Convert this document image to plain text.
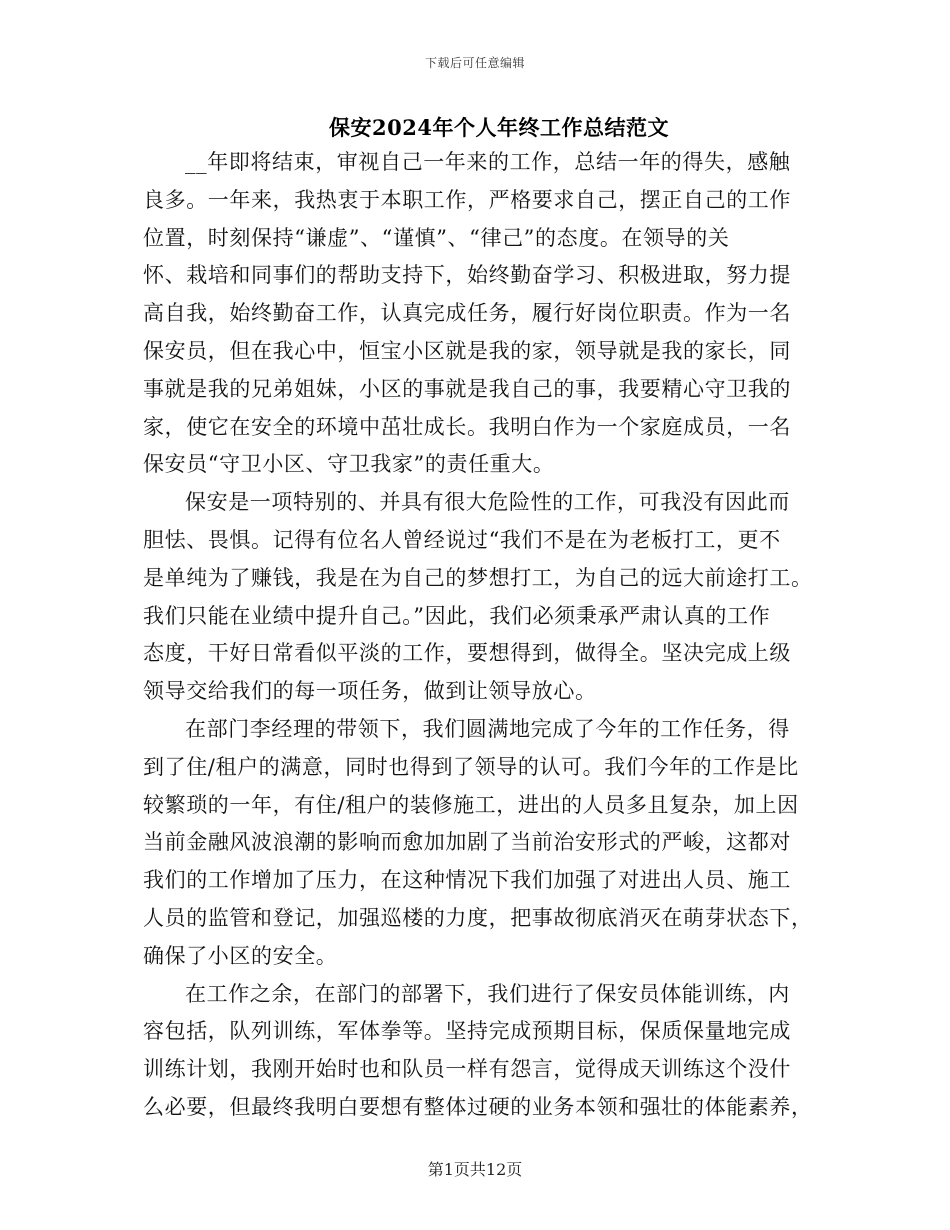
下载后可任意编辑
保安2024年个人年终工作总结范文
__年即将结束，审视自己一年来的工作，总结一年的得失，感触
良多。一年来，我热衷于本职工作，严格要求自己，摆正自己的工作
位置，时刻保持“谦虚”、“谨慎”、“律己”的态度。在领导的关
怀、栽培和同事们的帮助支持下，始终勤奋学习、积极进取，努力提
高自我，始终勤奋工作，认真完成任务，履行好岗位职责。作为一名
保安员，但在我心中，恒宝小区就是我的家，领导就是我的家长，同
事就是我的兄弟姐妹，小区的事就是我自己的事，我要精心守卫我的
家，使它在安全的环境中茁壮成长。我明白作为一个家庭成员，一名
保安员“守卫小区、守卫我家”的责任重大。
保安是一项特别的、并具有很大危险性的工作，可我没有因此而
胆怯、畏惧。记得有位名人曾经说过“我们不是在为老板打工，更不
是单纯为了赚钱，我是在为自己的梦想打工，为自己的远大前途打工。
我们只能在业绩中提升自己。”因此，我们必须秉承严肃认真的工作
态度，干好日常看似平淡的工作，要想得到，做得全。坚决完成上级
领导交给我们的每一项任务，做到让领导放心。
在部门李经理的带领下，我们圆满地完成了今年的工作任务，得
到了住/租户的满意，同时也得到了领导的认可。我们今年的工作是比
较繁琐的一年，有住/租户的装修施工，进出的人员多且复杂，加上因
当前金融风波浪潮的影响而愈加加剧了当前治安形式的严峻，这都对
我们的工作增加了压力，在这种情况下我们加强了对进出人员、施工
人员的监管和登记，加强巡楼的力度，把事故彻底消灭在萌芽状态下，
确保了小区的安全。
在工作之余，在部门的部署下，我们进行了保安员体能训练，内
容包括，队列训练，军体拳等。坚持完成预期目标，保质保量地完成
训练计划，我刚开始时也和队员一样有怨言，觉得成天训练这个没什
么必要，但最终我明白要想有整体过硬的业务本领和强壮的体能素养，
第1页共12页
